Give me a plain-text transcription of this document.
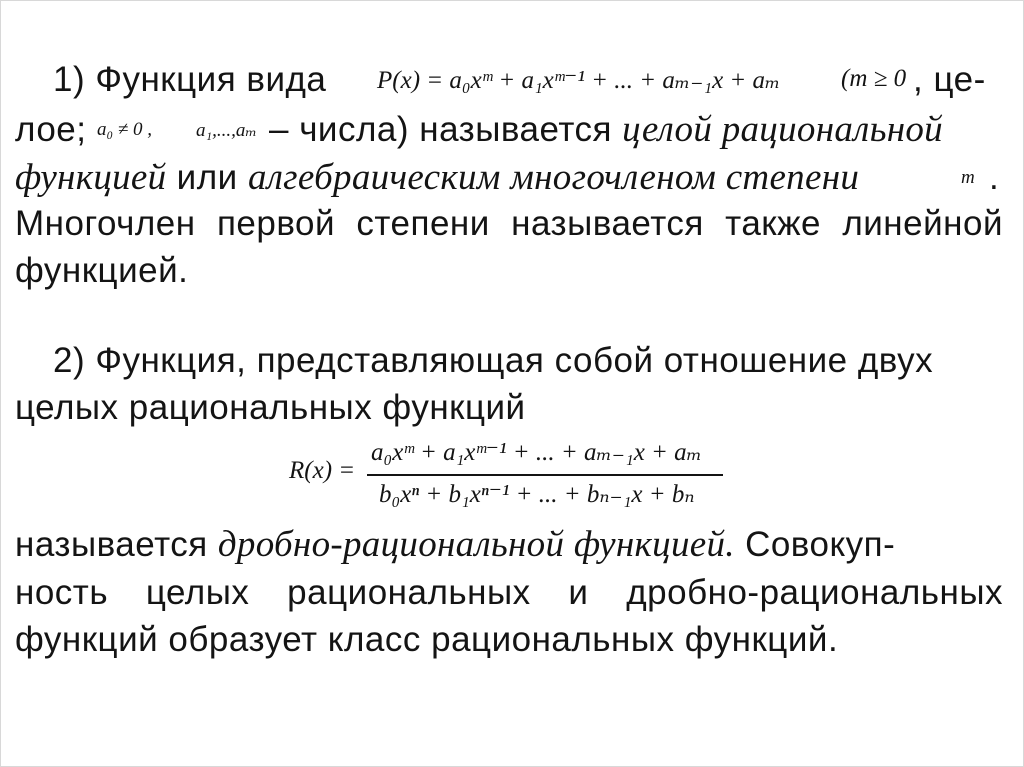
1) Функция вида P(x) = a₀xᵐ + a₁xᵐ⁻¹ + ... + aₘ₋₁x + aₘ (m ≥ 0 , це-
лое; a₀ ≠ 0 , a₁,...,aₘ – числа) называется целой рациональной
функцией или алгебраическим многочленом степени	m .
Многочлен первой степени называется также линейной
функцией.
2) Функция, представляющая собой отношение двух
целых рациональных функций
R(x) =
a₀xᵐ + a₁xᵐ⁻¹ + ... + aₘ₋₁x + aₘ
b₀xⁿ + b₁xⁿ⁻¹ + ... + bₙ₋₁x + bₙ
называется дробно-рациональной функцией. Совокуп-
ность целых рациональных и дробно-рациональных
функций образует класс рациональных функций.
